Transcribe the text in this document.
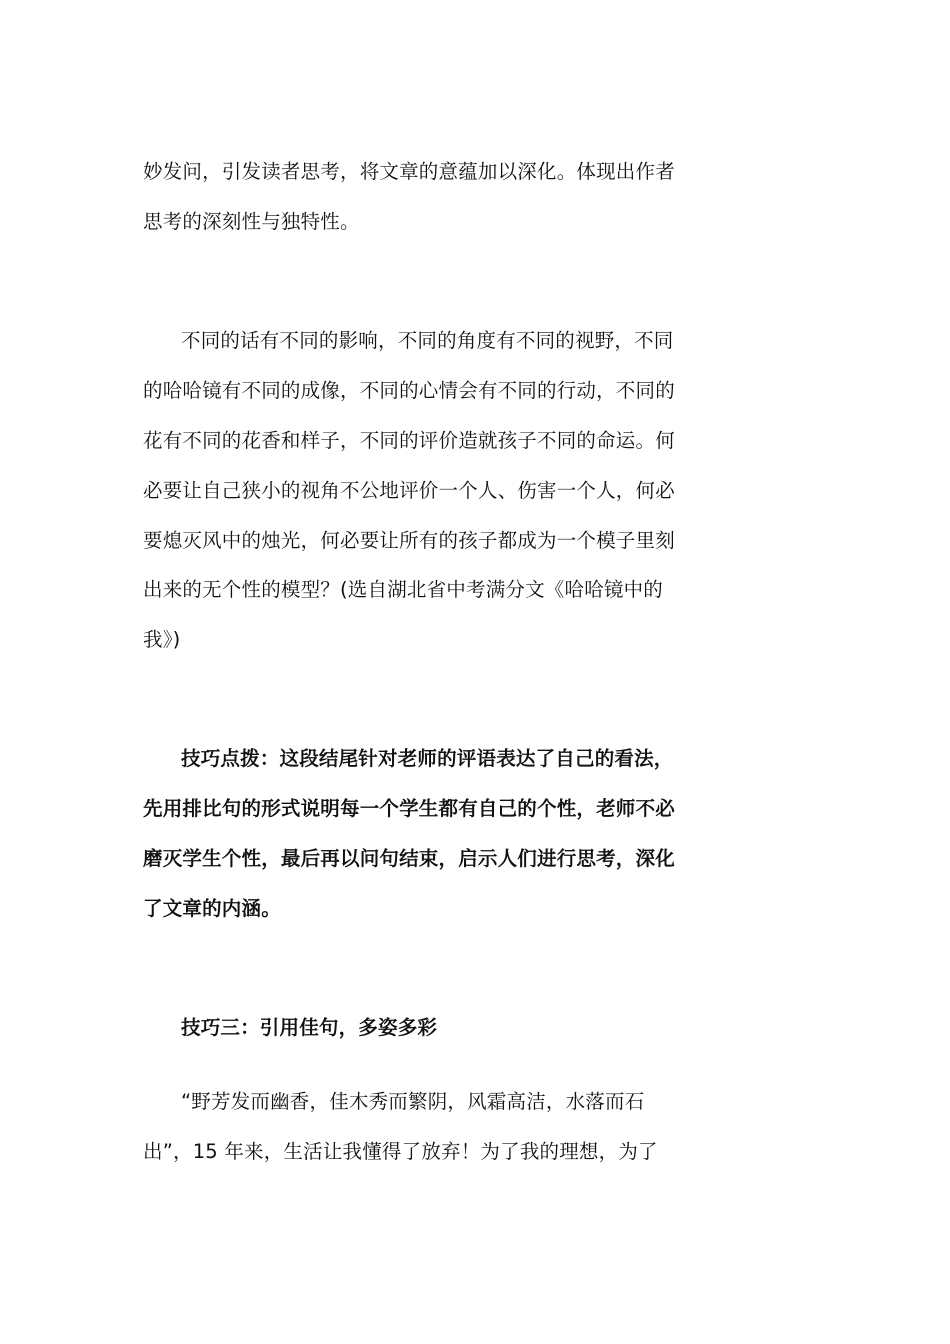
妙发问，引发读者思考，将文章的意蕴加以深化。体现出作者
思考的深刻性与独特性。
不同的话有不同的影响，不同的角度有不同的视野，不同
的哈哈镜有不同的成像，不同的心情会有不同的行动，不同的
花有不同的花香和样子，不同的评价造就孩子不同的命运。何
必要让自己狭小的视角不公地评价一个人、伤害一个人，何必
要熄灭风中的烛光，何必要让所有的孩子都成为一个模子里刻
出来的无个性的模型？(选自湖北省中考满分文《哈哈镜中的
我》)
技巧点拨：这段结尾针对老师的评语表达了自己的看法，
先用排比句的形式说明每一个学生都有自己的个性，老师不必
磨灭学生个性，最后再以问句结束，启示人们进行思考，深化
了文章的内涵。
技巧三：引用佳句，多姿多彩
“野芳发而幽香，佳木秀而繁阴，风霜高洁，水落而石
出”，15 年来，生活让我懂得了放弃！为了我的理想，为了
